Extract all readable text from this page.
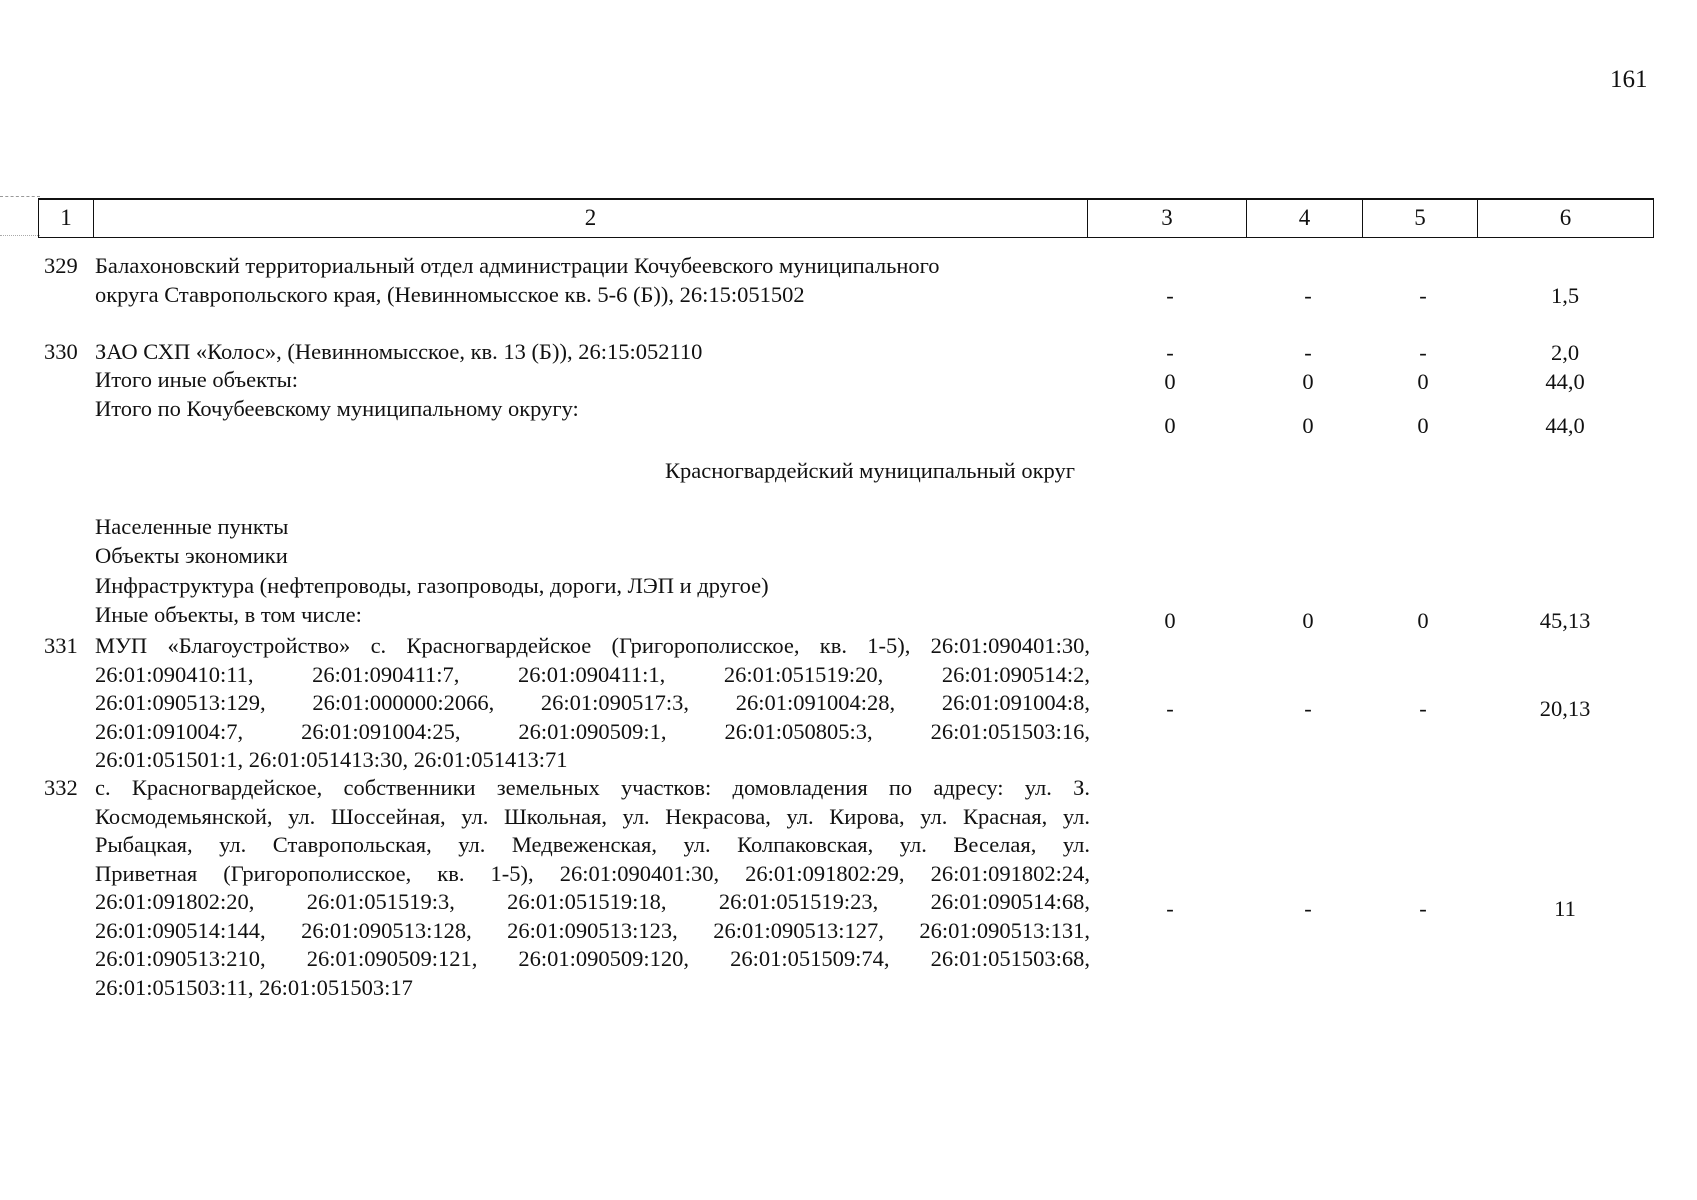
161
1	2	3	4	5	6
329 Балахоновский территориальный отдел администрации Кочубеевского муниципального
округа Ставропольского края, (Невинномысское кв. 5-6 (Б)), 26:15:051502	-	-	-	1,5
330 ЗАО СХП «Колос», (Невинномысское, кв. 13 (Б)), 26:15:052110	-	-	-	2,0
Итого иные объекты:	0	0	0	44,0
Итого по Кочубеевскому муниципальному округу:
0	0	0	44,0
Красногвардейский муниципальный округ
Населенные пункты
Объекты экономики
Инфраструктура (нефтепроводы, газопроводы, дороги, ЛЭП и другое)
Иные объекты, в том числе:	0	0	0	45,13
331 МУП «Благоустройство» с. Красногвардейское (Григорополисское, кв. 1-5), 26:01:090401:30,
26:01:090410:11, 26:01:090411:7, 26:01:090411:1, 26:01:051519:20, 26:01:090514:2,
26:01:090513:129, 26:01:000000:2066, 26:01:090517:3, 26:01:091004:28, 26:01:091004:8,
26:01:091004:7, 26:01:091004:25, 26:01:090509:1, 26:01:050805:3, 26:01:051503:16,
26:01:051501:1, 26:01:051413:30, 26:01:051413:71
-	-	-	20,13
332 с. Красногвардейское, собственники земельных участков: домовладения по адресу: ул. З.
Космодемьянской, ул. Шоссейная, ул. Школьная, ул. Некрасова, ул. Кирова, ул. Красная, ул.
Рыбацкая, ул. Ставропольская, ул. Медвеженская, ул. Колпаковская, ул. Веселая, ул.
Приветная (Григорополисское, кв. 1-5), 26:01:090401:30, 26:01:091802:29, 26:01:091802:24,
26:01:091802:20, 26:01:051519:3, 26:01:051519:18, 26:01:051519:23, 26:01:090514:68,
26:01:090514:144, 26:01:090513:128, 26:01:090513:123, 26:01:090513:127, 26:01:090513:131,
26:01:090513:210, 26:01:090509:121, 26:01:090509:120, 26:01:051509:74, 26:01:051503:68,
26:01:051503:11, 26:01:051503:17
-	-	-	11
